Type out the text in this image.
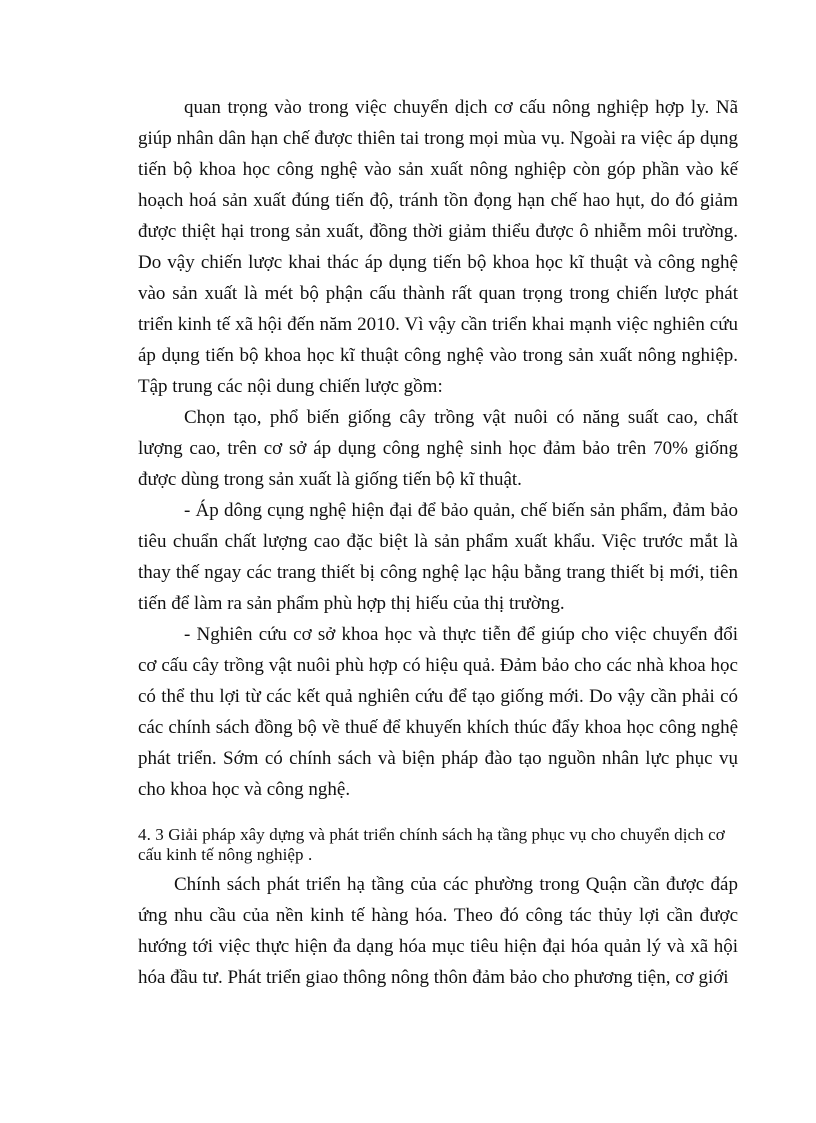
quan trọng vào trong việc chuyển dịch cơ cấu nông nghiệp hợp ly. Nã giúp nhân dân hạn chế được thiên tai trong mọi mùa vụ. Ngoài ra việc áp dụng tiến bộ khoa học công nghệ vào sản xuất nông nghiệp còn góp phần vào kế hoạch hoá sản xuất đúng tiến độ, tránh tồn đọng hạn chế hao hụt, do đó giảm được thiệt hại trong sản xuất, đồng thời giảm thiểu được ô nhiễm môi trường. Do vậy chiến lược khai thác áp dụng tiến bộ khoa học kĩ thuật và công nghệ vào sản xuất là mét bộ phận cấu thành rất quan trọng trong chiến lược phát triển kinh tế xã hội đến năm 2010. Vì vậy cần triển khai mạnh việc nghiên cứu áp dụng tiến bộ khoa học kĩ thuật công nghệ vào trong sản xuất nông nghiệp. Tập trung các nội dung chiến lược gồm:

Chọn tạo, phổ biến giống cây trồng vật nuôi có năng suất cao, chất lượng cao, trên cơ sở áp dụng công nghệ sinh học đảm bảo trên 70% giống được dùng trong sản xuất là giống tiến bộ kĩ thuật.

- Áp dông cụng nghệ hiện đại để bảo quản, chế biến sản phẩm, đảm bảo tiêu chuẩn chất lượng cao đặc biệt là sản phẩm xuất khẩu. Việc trước mắt là thay thế ngay các trang thiết bị công nghệ lạc hậu bằng trang thiết bị mới, tiên tiến để làm ra sản phẩm phù hợp thị hiếu của thị trường.

- Nghiên cứu cơ sở khoa học và thực tiễn để giúp cho việc chuyển đổi cơ cấu cây trồng vật nuôi phù hợp có hiệu quả. Đảm bảo cho các nhà khoa học có thể thu lợi từ các kết quả nghiên cứu để tạo giống mới. Do vậy cần phải có các chính sách đồng bộ về thuế để khuyến khích thúc đẩy khoa học công nghệ phát triển. Sớm có chính sách và biện pháp đào tạo nguồn nhân lực phục vụ cho khoa học và công nghệ.

4. 3 Giải pháp xây dựng và phát triển chính sách hạ tầng phục vụ cho chuyển dịch cơ cấu kinh tế nông nghiệp .

Chính sách phát triển hạ tầng của các phường trong Quận cần được đáp ứng nhu cầu của nền kinh tế hàng hóa. Theo đó công tác thủy lợi cần được hướng tới việc thực hiện đa dạng hóa mục tiêu hiện đại hóa quản lý và xã hội hóa đầu tư. Phát triển giao thông nông thôn đảm bảo cho phương tiện, cơ giới
